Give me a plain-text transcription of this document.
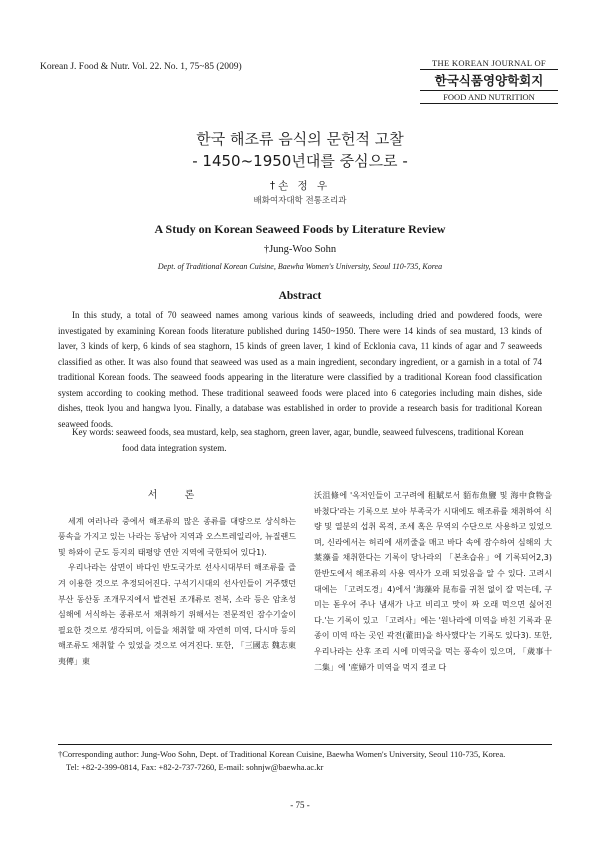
Korean J. Food & Nutr. Vol. 22. No. 1, 75~85 (2009)	THE KOREAN JOURNAL OF
한국식품영양학회지
FOOD AND NUTRITION
한국 해조류 음식의 문헌적 고찰
- 1450~1950년대를 중심으로 -
†손 정 우
배화여자대학 전통조리과
A Study on Korean Seaweed Foods by Literature Review
†Jung-Woo Sohn
Dept. of Traditional Korean Cuisine, Baewha Women's University, Seoul 110-735, Korea
Abstract

In this study, a total of 70 seaweed names among various kinds of seaweeds, including dried and powdered foods, were investigated by examining Korean foods literature published during 1450~1950. There were 14 kinds of sea mustard, 13 kinds of laver, 3 kinds of kerp, 6 kinds of sea staghorn, 15 kinds of green laver, 1 kind of Ecklonia cava, 11 kinds of agar and 7 seaweeds classified as other. It was also found that seaweed was used as a main ingredient, secondary ingredient, or a garnish in a total of 74 traditional Korean foods. The seaweed foods appearing in the literature were classified by a traditional Korean food classification system according to cooking method. These traditional seaweed foods were placed into 6 categories including main dishes, side dishes, tteok lyou and hangwa lyou. Finally, a database was established in order to provide a research basis for traditional Korean seaweed foods.

Key words: seaweed foods, sea mustard, kelp, sea staghorn, green laver, agar, bundle, seaweed fulvescens, traditional Korean food data integration system.
서 론

세계 여러나라 중에서 해조류의 많은 종류를 대량으로 상식하는 풍속을 가지고 있는 나라는 동남아 지역과 오스트레일리아, 뉴질랜드 및 하와이 군도 등지의 태평양 연안 지역에 국한되어 있다1).

우리나라는 삼면이 바다인 반도국가로 선사시대부터 해조류를 즐겨 이용한 것으로 추정되어진다. 구석기시대의 선사인들이 거주했던 부산 동산동 조개무지에서 발견된 조개류로 전복, 소라 등은 암초성 심해에 서식하는 종류로서 채취하기 위해서는 전문적인 잠수기술이 필요한 것으로 생각되며, 이들을 채취할 때 자연히 미역, 다시마 등의 해조류도 채취할 수 있었을 것으로 여겨진다. 또한, 「三國志 魏志東夷傳」東

沃沮條에 '옥저인들이 고구려에 租賦로서 貊布魚鹽 및 海中食物을 바쳤다'라는 기록으로 보아 부족국가 시대에도 해조류를 채취하여 식량 및 열분의 섭취 목적, 조세 혹은 무역의 수단으로 사용하고 있었으며, 신라에서는 허리에 새끼줄을 매고 바다 속에 잠수하여 심해의 大葉藻를 채취한다는 기록이 당나라의 「본초습유」에 기록되어2,3) 한반도에서 해조류의 사용 역사가 오래 되었음을 알 수 있다. 고려시대에는 「고려도경」4)에서 '海藻와 昆布를 귀천 없이 잘 먹는데, 구미는 돋우어 주나 냄새가 나고 비리고 맛이 짜 오래 먹으면 싫어진다.'는 기록이 있고 「고려사」에는 '원나라에 미역을 바친 기록과 문종이 미역 따는 곳인 곽전(藿田)을 하사했다'는 기록도 있다3). 또한, 우리나라는 산후 조리 시에 미역국을 먹는 풍속이 있으며, 「歲事十二集」에 '産婦가 미역을 먹지 결코 다

†Corresponding author: Jung-Woo Sohn, Dept. of Traditional Korean Cuisine, Baewha Women's University, Seoul 110-735, Korea.
Tel: +82-2-399-0814, Fax: +82-2-737-7260, E-mail: sohnjw@baewha.ac.kr
- 75 -
